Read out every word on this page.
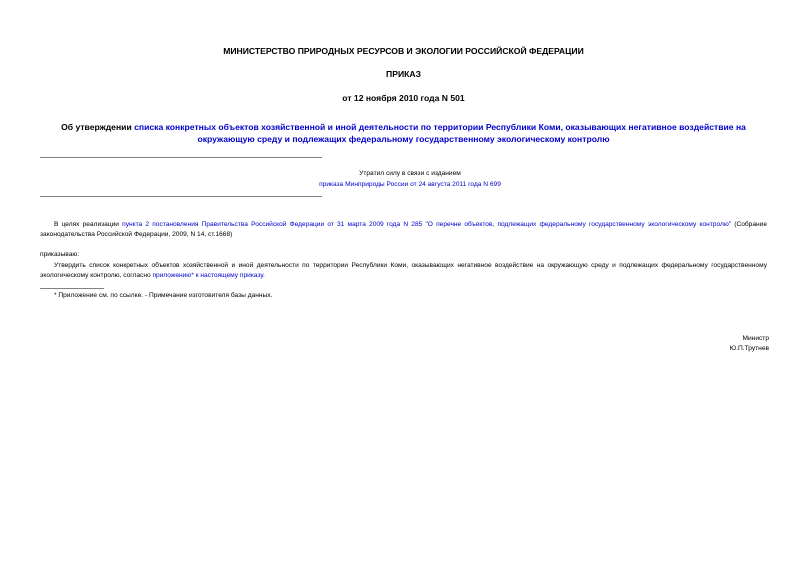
МИНИСТЕРСТВО ПРИРОДНЫХ РЕСУРСОВ И ЭКОЛОГИИ РОССИЙСКОЙ ФЕДЕРАЦИИ
ПРИКАЗ
от 12 ноября 2010 года N 501
Об утверждении списка конкретных объектов хозяйственной и иной деятельности по территории Республики Коми, оказывающих негативное воздействие на окружающую среду и подлежащих федеральному государственному экологическому контролю
Утратил силу в связи с изданием
приказа Минприроды России от 24 августа 2011 года N 699
В целях реализации пункта 2 постановления Правительства Российской Федерации от 31 марта 2009 года N 285 "О перечне объектов, подлежащих федеральному государственному экологическому контролю" (Собрание законодательства Российской Федерации, 2009, N 14, ст.1668)
приказываю:
Утвердить список конкретных объектов хозяйственной и иной деятельности по территории Республики Коми, оказывающих негативное воздействие на окружающую среду и подлежащих федеральному государственному экологическому контролю, согласно приложению* к настоящему приказу.
* Приложение см. по ссылке. - Примечание изготовителя базы данных.
Министр
Ю.П.Трутнев
